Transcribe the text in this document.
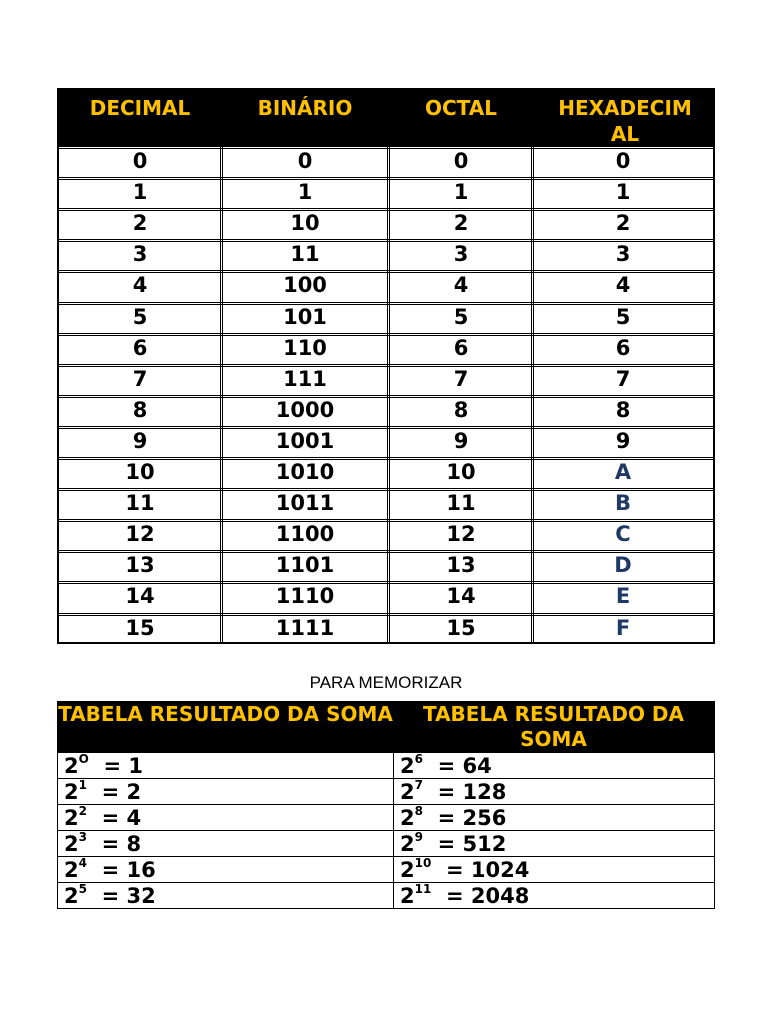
DECIMAL	BINÁRIO	OCTAL	HEXADECIM AL
0	0	0	0
1	1	1	1
2	10	2	2
3	11	3	3
4	100	4	4
5	101	5	5
6	110	6	6
7	111	7	7
8	1000	8	8
9	1001	9	9
10	1010	10	A
11	1011	11	B
12	1100	12	C
13	1101	13	D
14	1110	14	E
15	1111	15	F
PARA MEMORIZAR
TABELA RESULTADO DA SOMA	TABELA RESULTADO DA SOMA
$2^O = 1$	$2^6 = 64$
$2^1 = 2$	$2^7 = 128$
$2^2 = 4$	$2^8 = 256$
$2^3 = 8$	$2^9 = 512$
$2^4 = 16$	$2^{10} = 1024$
$2^5 = 32$	$2^{11} = 2048$
